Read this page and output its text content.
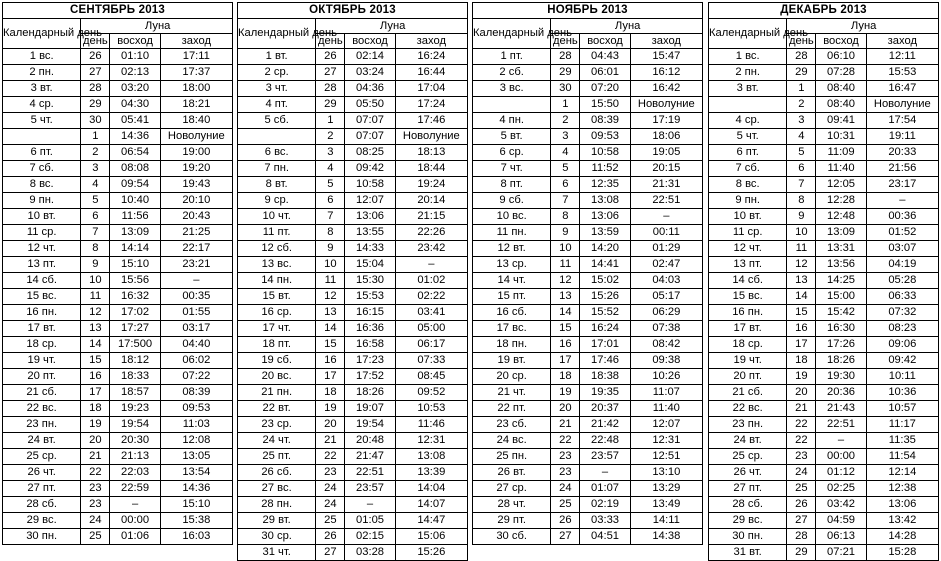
СЕНТЯБРЬ 2013			
Календарный день	Луна		
	день	восход	заход
1 вс.	26	01:10	17:11
2 пн.	27	02:13	17:37
3 вт.	28	03:20	18:00
4 ср.	29	04:30	18:21
5 чт.	30	05:41	18:40
	1	14:36	Новолуние
6 пт.	2	06:54	19:00
7 сб.	3	08:08	19:20
8 вс.	4	09:54	19:43
9 пн.	5	10:40	20:10
10 вт.	6	11:56	20:43
11 ср.	7	13:09	21:25
12 чт.	8	14:14	22:17
13 пт.	9	15:10	23:21
14 сб.	10	15:56	–
15 вс.	11	16:32	00:35
16 пн.	12	17:02	01:55
17 вт.	13	17:27	03:17
18 ср.	14	17:500	04:40
19 чт.	15	18:12	06:02
20 пт.	16	18:33	07:22
21 сб.	17	18:57	08:39
22 вс.	18	19:23	09:53
23 пн.	19	19:54	11:03
24 вт.	20	20:30	12:08
25 ср.	21	21:13	13:05
26 чт.	22	22:03	13:54
27 пт.	23	22:59	14:36
28 сб.	23	–	15:10
29 вс.	24	00:00	15:38
30 пн.	25	01:06	16:03
ОКТЯБРЬ 2013			
Календарный день	Луна		
	день	восход	заход
1 вт.	26	02:14	16:24
2 ср.	27	03:24	16:44
3 чт.	28	04:36	17:04
4 пт.	29	05:50	17:24
5 сб.	1	07:07	17:46
	2	07:07	Новолуние
6 вс.	3	08:25	18:13
7 пн.	4	09:42	18:44
8 вт.	5	10:58	19:24
9 ср.	6	12:07	20:14
10 чт.	7	13:06	21:15
11 пт.	8	13:55	22:26
12 сб.	9	14:33	23:42
13 вс.	10	15:04	–
14 пн.	11	15:30	01:02
15 вт.	12	15:53	02:22
16 ср.	13	16:15	03:41
17 чт.	14	16:36	05:00
18 пт.	15	16:58	06:17
19 сб.	16	17:23	07:33
20 вс.	17	17:52	08:45
21 пн.	18	18:26	09:52
22 вт.	19	19:07	10:53
23 ср.	20	19:54	11:46
24 чт.	21	20:48	12:31
25 пт.	22	21:47	13:08
26 сб.	23	22:51	13:39
27 вс.	24	23:57	14:04
28 пн.	24	–	14:07
29 вт.	25	01:05	14:47
30 ср.	26	02:15	15:06
31 чт.	27	03:28	15:26
НОЯБРЬ 2013			
Календарный день	Луна		
	день	восход	заход
1 пт.	28	04:43	15:47
2 сб.	29	06:01	16:12
3 вс.	30	07:20	16:42
	1	15:50	Новолуние
4 пн.	2	08:39	17:19
5 вт.	3	09:53	18:06
6 ср.	4	10:58	19:05
7 чт.	5	11:52	20:15
8 пт.	6	12:35	21:31
9 сб.	7	13:08	22:51
10 вс.	8	13:06	–
11 пн.	9	13:59	00:11
12 вт.	10	14:20	01:29
13 ср.	11	14:41	02:47
14 чт.	12	15:02	04:03
15 пт.	13	15:26	05:17
16 сб.	14	15:52	06:29
17 вс.	15	16:24	07:38
18 пн.	16	17:01	08:42
19 вт.	17	17:46	09:38
20 ср.	18	18:38	10:26
21 чт.	19	19:35	11:07
22 пт.	20	20:37	11:40
23 сб.	21	21:42	12:07
24 вс.	22	22:48	12:31
25 пн.	23	23:57	12:51
26 вт.	23	–	13:10
27 ср.	24	01:07	13:29
28 чт.	25	02:19	13:49
29 пт.	26	03:33	14:11
30 сб.	27	04:51	14:38
ДЕКАБРЬ 2013			
Календарный день	Луна		
	день	восход	заход
1 вс.	28	06:10	12:11
2 пн.	29	07:28	15:53
3 вт.	1	08:40	16:47
	2	08:40	Новолуние
4 ср.	3	09:41	17:54
5 чт.	4	10:31	19:11
6 пт.	5	11:09	20:33
7 сб.	6	11:40	21:56
8 вс.	7	12:05	23:17
9 пн.	8	12:28	–
10 вт.	9	12:48	00:36
11 ср.	10	13:09	01:52
12 чт.	11	13:31	03:07
13 пт.	12	13:56	04:19
14 сб.	13	14:25	05:28
15 вс.	14	15:00	06:33
16 пн.	15	15:42	07:32
17 вт.	16	16:30	08:23
18 ср.	17	17:26	09:06
19 чт.	18	18:26	09:42
20 пт.	19	19:30	10:11
21 сб.	20	20:36	10:36
22 вс.	21	21:43	10:57
23 пн.	22	22:51	11:17
24 вт.	22	–	11:35
25 ср.	23	00:00	11:54
26 чт.	24	01:12	12:14
27 пт.	25	02:25	12:38
28 сб.	26	03:42	13:06
29 вс.	27	04:59	13:42
30 пн.	28	06:13	14:28
31 вт.	29	07:21	15:28
